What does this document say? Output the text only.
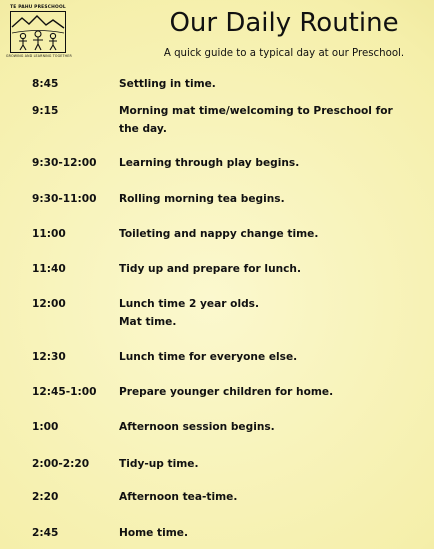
TE PAHU PRESCHOOL
GROWING AND LEARNING TOGETHER
Our Daily Routine
A quick guide to a typical day at our Preschool.
8:45	Settling in time.
9:15	Morning mat time/welcoming to Preschool for the day.
9:30-12:00 Learning through play begins.
9:30-11:00 Rolling morning tea begins.
11:00	Toileting and nappy change time.
11:40	Tidy up and prepare for lunch.
12:00	Lunch time 2 year olds.
Mat time.
12:30	Lunch time for everyone else.
12:45-1:00 Prepare younger children for home.
1:00	Afternoon session begins.
2:00-2:20	Tidy-up time.
2:20	Afternoon tea-time.
2:45	Home time.
